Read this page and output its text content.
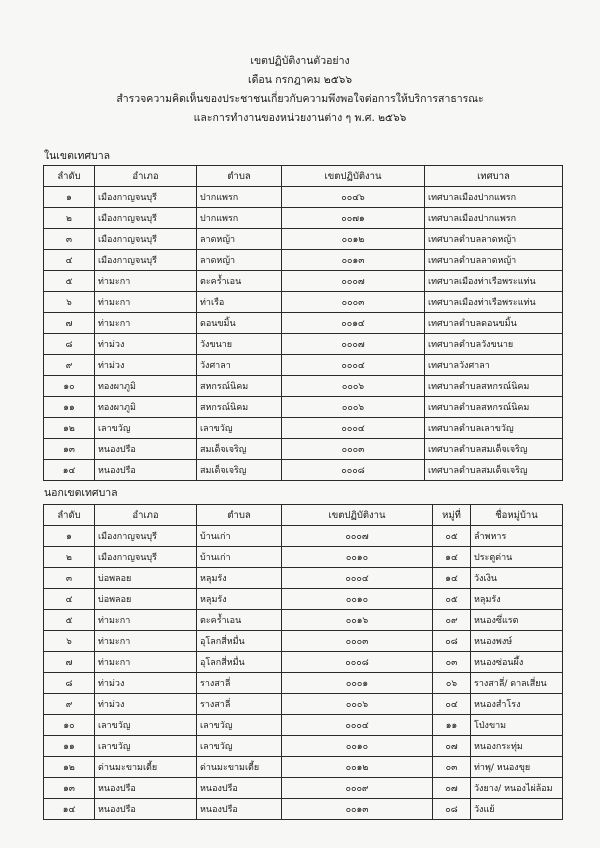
เขตปฏิบัติงานตัวอย่าง
เดือน กรกฎาคม ๒๕๖๖
สำรวจความคิดเห็นของประชาชนเกี่ยวกับความพึงพอใจต่อการให้บริการสาธารณะ
และการทำงานของหน่วยงานต่าง ๆ พ.ศ. ๒๕๖๖
ในเขตเทศบาล
ลำดับ	อำเภอ	ตำบล	เขตปฏิบัติงาน	เทศบาล
๑	เมืองกาญจนบุรี	ปากแพรก	๐๐๔๖	เทศบาลเมืองปากแพรก
๒	เมืองกาญจนบุรี	ปากแพรก	๐๐๗๑	เทศบาลเมืองปากแพรก
๓	เมืองกาญจนบุรี	ลาดหญ้า	๐๐๑๒	เทศบาลตำบลลาดหญ้า
๔	เมืองกาญจนบุรี	ลาดหญ้า	๐๐๑๓	เทศบาลตำบลลาดหญ้า
๕	ท่ามะกา	ตะคร้ำเอน	๐๐๐๗	เทศบาลเมืองท่าเรือพระแท่น
๖	ท่ามะกา	ท่าเรือ	๐๐๐๓	เทศบาลเมืองท่าเรือพระแท่น
๗	ท่ามะกา	ดอนขมิ้น	๐๐๑๔	เทศบาลตำบลดอนขมิ้น
๘	ท่าม่วง	วังขนาย	๐๐๐๗	เทศบาลตำบลวังขนาย
๙	ท่าม่วง	วังศาลา	๐๐๐๔	เทศบาลวังศาลา
๑๐	ทองผาภูมิ	สหกรณ์นิคม	๐๐๐๖	เทศบาลตำบลสหกรณ์นิคม
๑๑	ทองผาภูมิ	สหกรณ์นิคม	๐๐๐๖	เทศบาลตำบลสหกรณ์นิคม
๑๒	เลาขวัญ	เลาขวัญ	๐๐๐๔	เทศบาลตำบลเลาขวัญ
๑๓	หนองปรือ	สมเด็จเจริญ	๐๐๐๓	เทศบาลตำบลสมเด็จเจริญ
๑๔	หนองปรือ	สมเด็จเจริญ	๐๐๐๘	เทศบาลตำบลสมเด็จเจริญ
นอกเขตเทศบาล
ลำดับ	อำเภอ	ตำบล	เขตปฏิบัติงาน	หมู่ที่	ชื่อหมู่บ้าน
๑	เมืองกาญจนบุรี	บ้านเก่า	๐๐๐๗	๐๕	ลำพหาร
๒	เมืองกาญจนบุรี	บ้านเก่า	๐๐๑๐	๑๔	ประตูด่าน
๓	บ่อพลอย	หลุมรัง	๐๐๐๔	๑๔	วังเงิน
๔	บ่อพลอย	หลุมรัง	๐๐๑๐	๐๕	หลุมรัง
๕	ท่ามะกา	ตะคร้ำเอน	๐๐๑๖	๐๙	หนองซึ่แรต
๖	ท่ามะกา	อุโลกสี่หมื่น	๐๐๐๓	๐๘	หนองพงษ์
๗	ท่ามะกา	อุโลกสี่หมื่น	๐๐๐๘	๐๓	หนองซ่อนผึ้ง
๘	ท่าม่วง	รางสาลี่	๐๐๐๑	๐๖	รางสาลี่/ ดาลเสี่ยน
๙	ท่าม่วง	รางสาลี่	๐๐๐๖	๐๔	หนองสำโรง
๑๐	เลาขวัญ	เลาขวัญ	๐๐๐๔	๑๑	โป่งขาม
๑๑	เลาขวัญ	เลาขวัญ	๐๐๑๐	๐๗	หนองกระทุ่ม
๑๒	ด่านมะขามเตี้ย	ด่านมะขามเตี้ย	๐๐๑๒	๐๓	ท่าพุ/ หนองขุย
๑๓	หนองปรือ	หนองปรือ	๐๐๐๙	๐๗	วังยาง/ หนองไผ่ล้อม
๑๔	หนองปรือ	หนองปรือ	๐๐๑๓	๐๘	วังแย้
